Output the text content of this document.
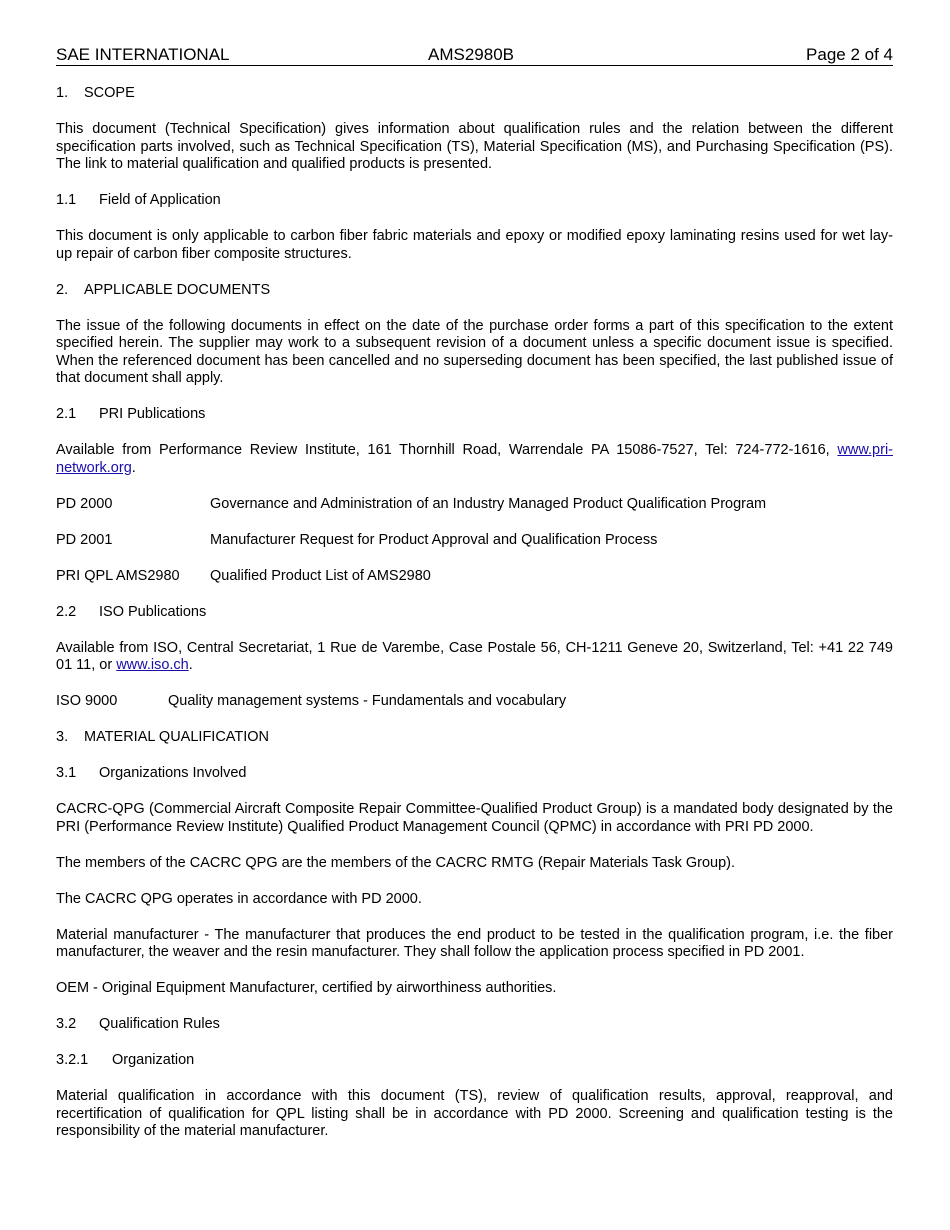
SAE INTERNATIONAL	AMS2980B	Page 2 of 4
1.	SCOPE

This document (Technical Specification) gives information about qualification rules and the relation between the different specification parts involved, such as Technical Specification (TS), Material Specification (MS), and Purchasing Specification (PS). The link to material qualification and qualified products is presented.

1.1	Field of Application

This document is only applicable to carbon fiber fabric materials and epoxy or modified epoxy laminating resins used for wet lay-up repair of carbon fiber composite structures.

2.	APPLICABLE DOCUMENTS

The issue of the following documents in effect on the date of the purchase order forms a part of this specification to the extent specified herein. The supplier may work to a subsequent revision of a document unless a specific document issue is specified. When the referenced document has been cancelled and no superseding document has been specified, the last published issue of that document shall apply.

2.1	PRI Publications

Available from Performance Review Institute, 161 Thornhill Road, Warrendale PA 15086-7527, Tel: 724-772-1616, www.pri-network.org.

PD 2000	Governance and Administration of an Industry Managed Product Qualification Program
PD 2001	Manufacturer Request for Product Approval and Qualification Process
PRI QPL AMS2980	Qualified Product List of AMS2980
2.2	ISO Publications

Available from ISO, Central Secretariat, 1 Rue de Varembe, Case Postale 56, CH-1211 Geneve 20, Switzerland, Tel: +41 22 749 01 11, or www.iso.ch.

ISO 9000	Quality management systems - Fundamentals and vocabulary
3.	MATERIAL QUALIFICATION
3.1	Organizations Involved

CACRC-QPG (Commercial Aircraft Composite Repair Committee-Qualified Product Group) is a mandated body designated by the PRI (Performance Review Institute) Qualified Product Management Council (QPMC) in accordance with PRI PD 2000.

The members of the CACRC QPG are the members of the CACRC RMTG (Repair Materials Task Group).

The CACRC QPG operates in accordance with PD 2000.

Material manufacturer - The manufacturer that produces the end product to be tested in the qualification program, i.e. the fiber manufacturer, the weaver and the resin manufacturer. They shall follow the application process specified in PD 2001.

OEM - Original Equipment Manufacturer, certified by airworthiness authorities.

3.2	Qualification Rules
3.2.1	Organization

Material qualification in accordance with this document (TS), review of qualification results, approval, reapproval, and recertification of qualification for QPL listing shall be in accordance with PD 2000. Screening and qualification testing is the responsibility of the material manufacturer.
